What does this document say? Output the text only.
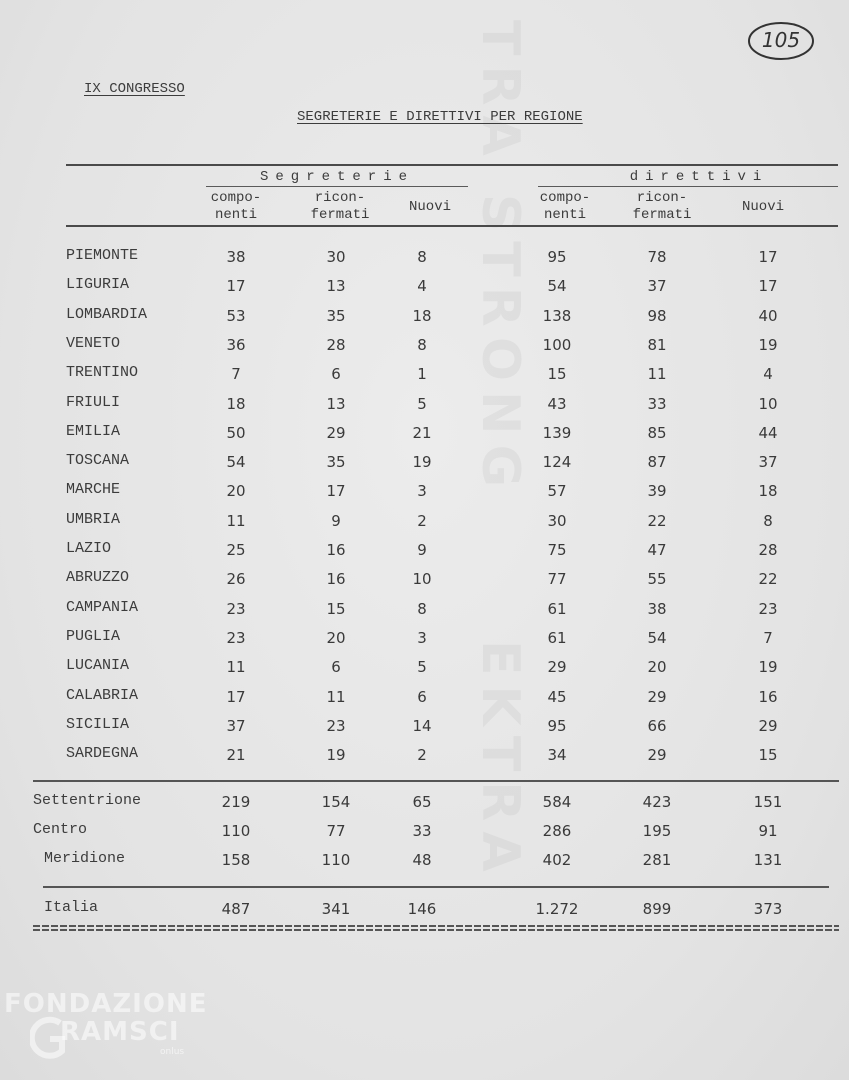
105
IX CONGRESSO
SEGRETERIE E DIRETTIVI PER REGIONE
Segreterie	direttivi
compo-
nenti
ricon-
fermati	Nuovi
compo-
nenti
ricon-
fermati	Nuovi
PIEMONTE	38	30	8	95	78	17
LIGURIA	17	13	4	54	37	17
LOMBARDIA	53	35	18	138	98	40
VENETO	36	28	8	100	81	19
TRENTINO	7	6	1	15	11	4
FRIULI	18	13	5	43	33	10
EMILIA	50	29	21	139	85	44
TOSCANA	54	35	19	124	87	37
MARCHE	20	17	3	57	39	18
UMBRIA	11	9	2	30	22	8
LAZIO	25	16	9	75	47	28
ABRUZZO	26	16	10	77	55	22
CAMPANIA	23	15	8	61	38	23
PUGLIA	23	20	3	61	54	7
LUCANIA	11	6	5	29	20	19
CALABRIA	17	11	6	45	29	16
SICILIA	37	23	14	95	66	29
SARDEGNA	21	19	2	34	29	15
Settentrione	219	154	65	584	423	151
Centro	110	77	33	286	195	91
Meridione	158	110	48	402	281	131
Italia	487	341	146	1.272	899	373
FONDAZIONE
RAMSCI
onlus
